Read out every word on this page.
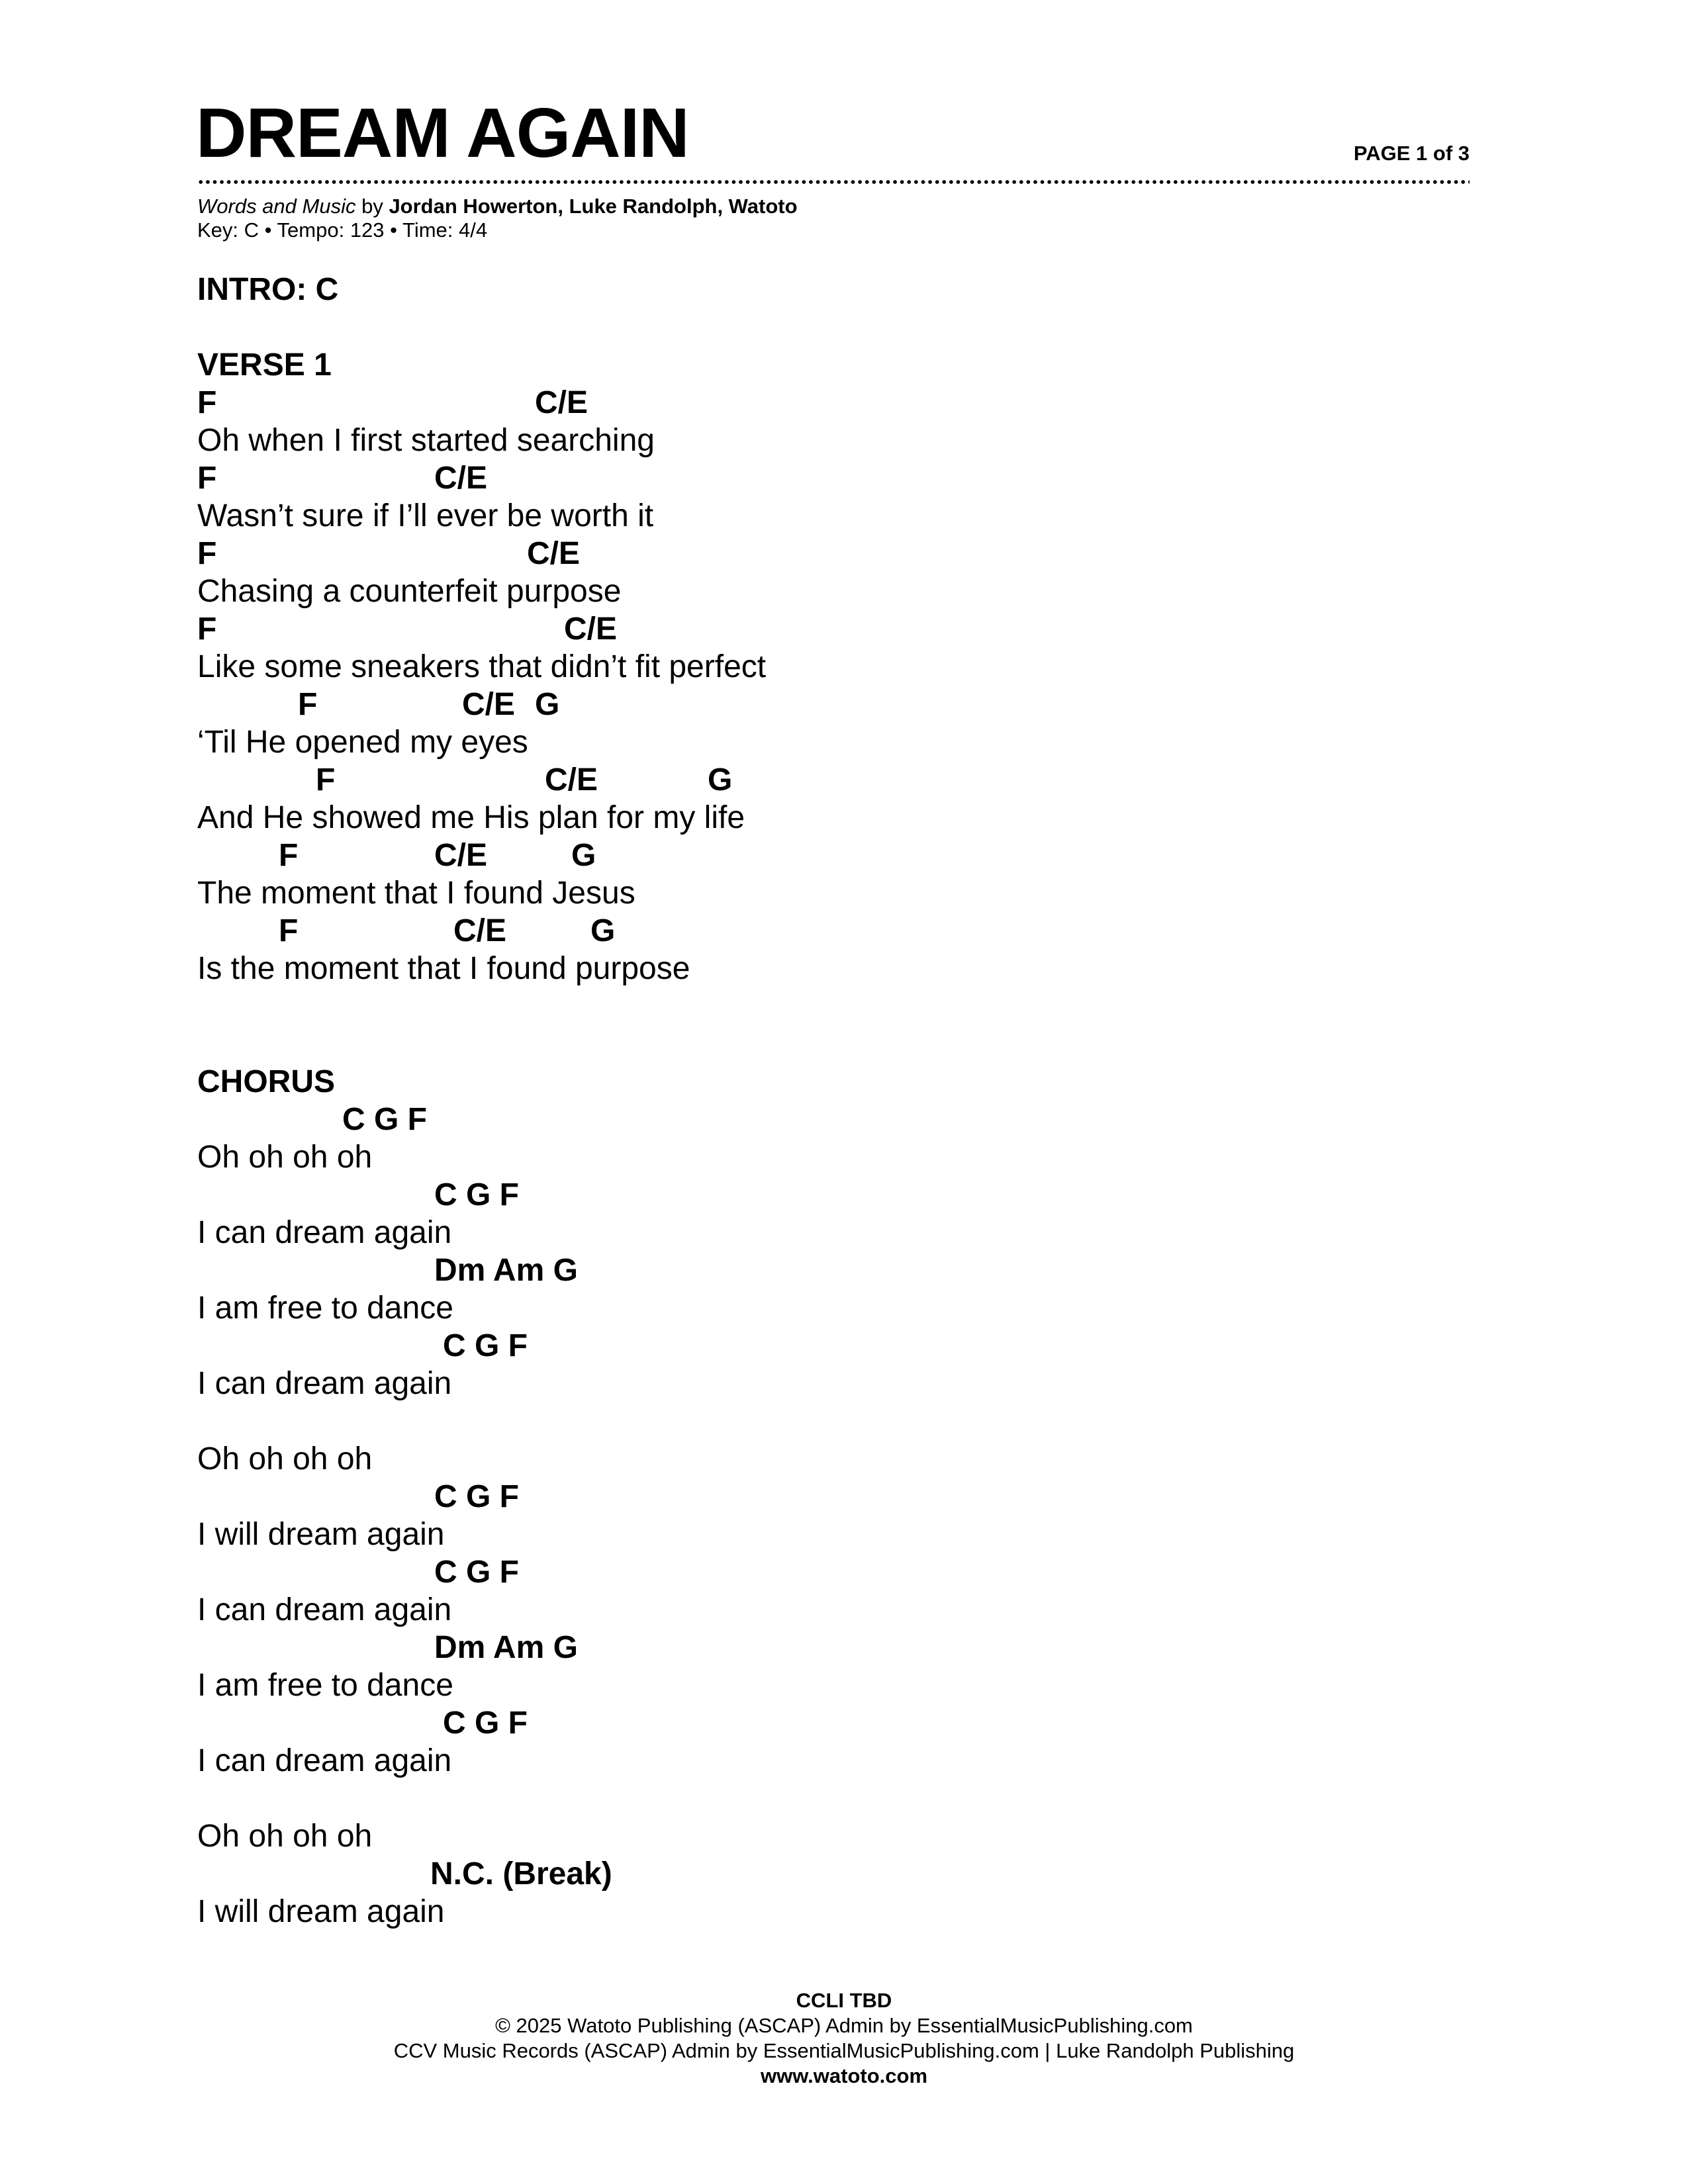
DREAM AGAIN	PAGE 1 of 3
Words and Music by Jordan Howerton, Luke Randolph, Watoto
Key: C • Tempo: 123 • Time: 4/4
INTRO: C
VERSE 1
F	C/E
Oh when I first started searching
F	C/E
Wasn’t sure if I’ll ever be worth it
F	C/E
Chasing a counterfeit purpose
F	C/E
Like some sneakers that didn’t fit perfect
F	C/E G
‘Til He opened my eyes
F	C/E	G
And He showed me His plan for my life
F	C/E	G
The moment that I found Jesus
F	C/E	G
Is the moment that I found purpose
CHORUS
C G F
Oh oh oh oh
C G F
I can dream again
Dm Am G
I am free to dance
C G F
I can dream again
Oh oh oh oh
C G F
I will dream again
C G F
I can dream again
Dm Am G
I am free to dance
C G F
I can dream again
Oh oh oh oh
N.C. (Break)
I will dream again
CCLI TBD
© 2025 Watoto Publishing (ASCAP) Admin by EssentialMusicPublishing.com
CCV Music Records (ASCAP) Admin by EssentialMusicPublishing.com | Luke Randolph Publishing
www.watoto.com
